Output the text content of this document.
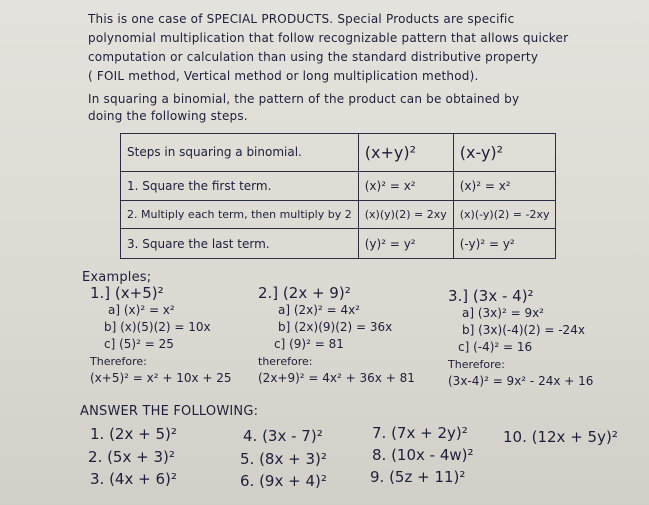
This is one case of SPECIAL PRODUCTS. Special Products are specific
polynomial multiplication that follow recognizable pattern that allows quicker
computation or calculation than using the standard distributive property
( FOIL method, Vertical method or long multiplication method).
In squaring a binomial, the pattern of the product can be obtained by
doing the following steps.
Steps in squaring a binomial.	(x+y)²	(x-y)²
1. Square the first term.	(x)² = x²	(x)² = x²
2. Multiply each term, then multiply by 2	(x)(y)(2) = 2xy	(x)(-y)(2) = -2xy
3. Square the last term.	(y)² = y²	(-y)² = y²
Examples;
1.] (x+5)²
a] (x)² = x²
b] (x)(5)(2) = 10x
c] (5)² = 25
Therefore:
(x+5)² = x² + 10x + 25
2.] (2x + 9)²
a] (2x)² = 4x²
b] (2x)(9)(2) = 36x
c] (9)² = 81
therefore:
(2x+9)² = 4x² + 36x + 81
3.] (3x - 4)²
a] (3x)² = 9x²
b] (3x)(-4)(2) = -24x
c] (-4)² = 16
Therefore:
(3x-4)² = 9x² - 24x + 16
ANSWER THE FOLLOWING:
1. (2x + 5)²
2. (5x + 3)²
3. (4x + 6)²
4. (3x - 7)²
5. (8x + 3)²
6. (9x + 4)²
7. (7x + 2y)²
8. (10x - 4w)²
9. (5z + 11)²
10. (12x + 5y)²
